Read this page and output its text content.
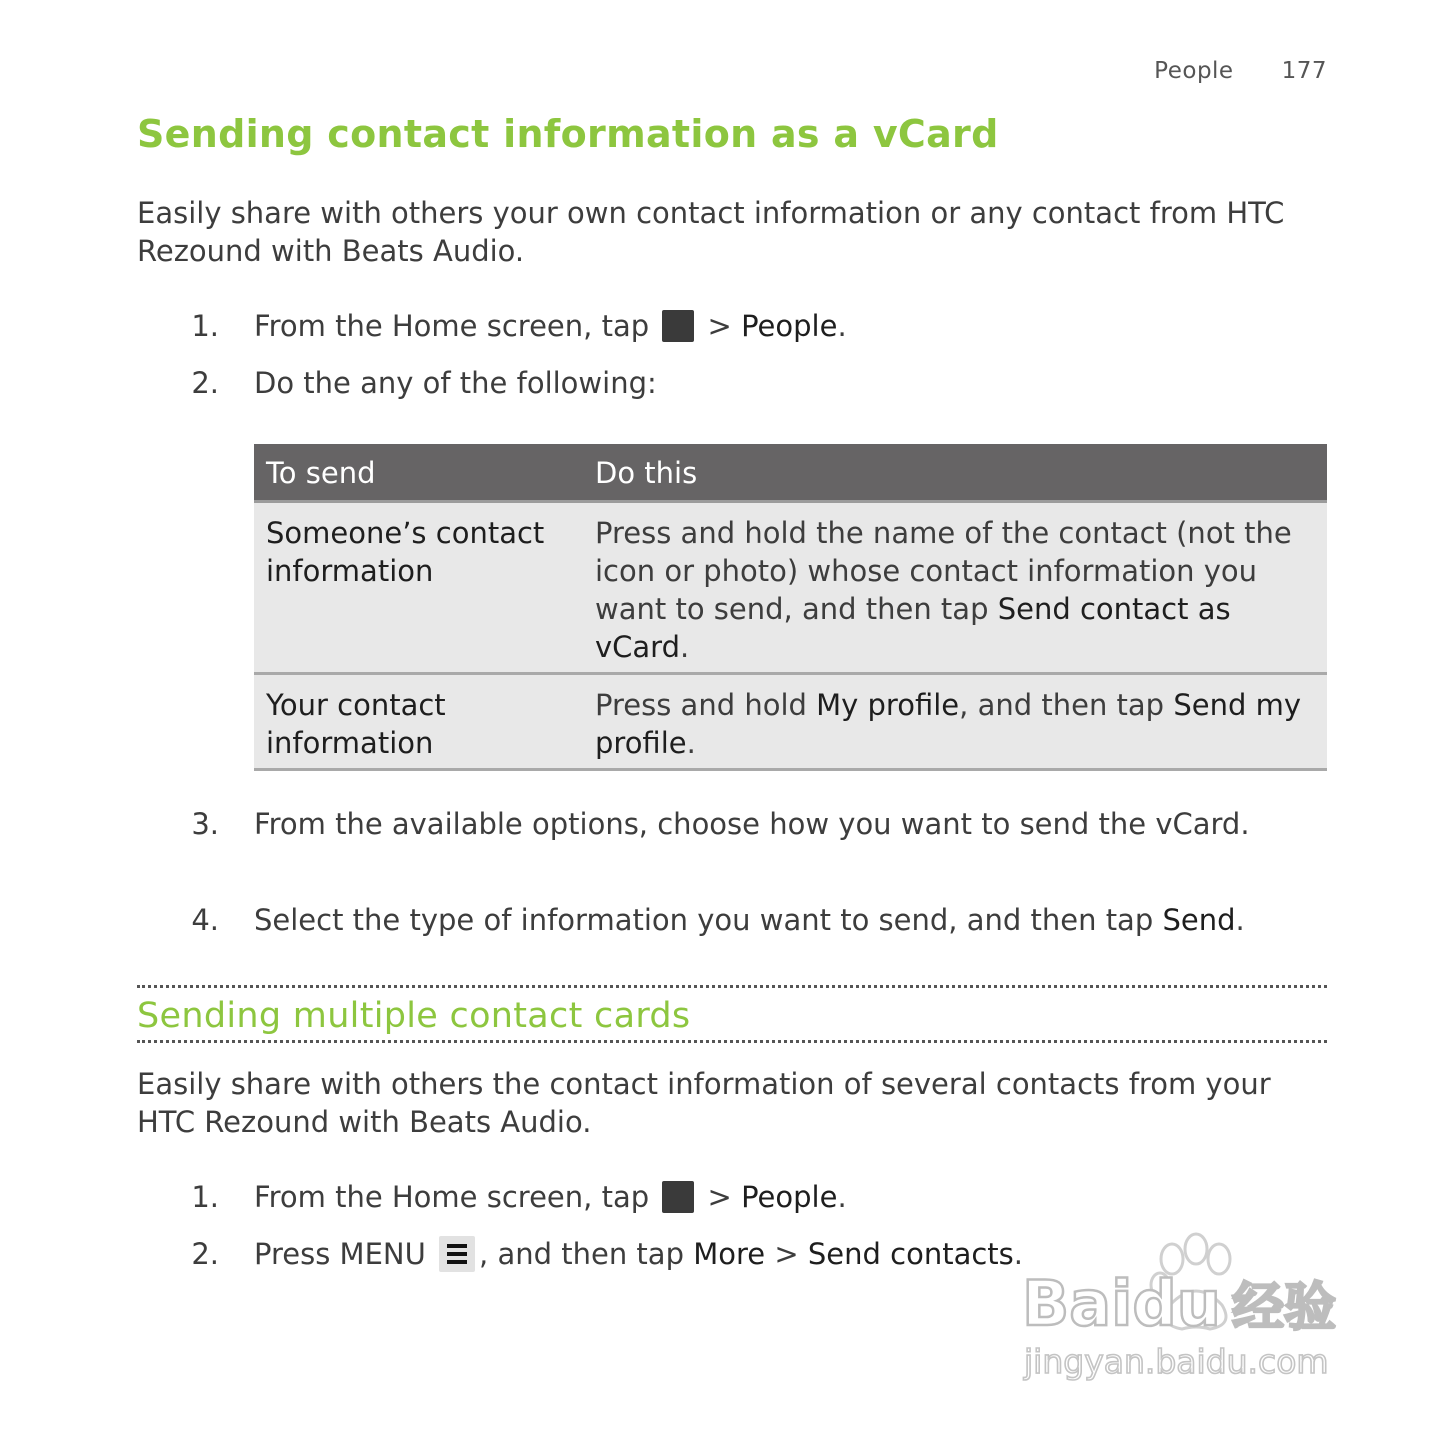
People 177
Sending contact information as a vCard

Easily share with others your own contact information or any contact from HTC Rezound with Beats Audio.

1. From the Home screen, tap  > People.
2. Do the any of the following:
To send	Do this
Someone’s contact information	Press and hold the name of the contact (not the icon or photo) whose contact information you want to send, and then tap Send contact as vCard.
Your contact information	Press and hold My profile, and then tap Send my profile.
3. From the available options, choose how you want to send the vCard.
4. Select the type of information you want to send, and then tap Send.
Sending multiple contact cards

Easily share with others the contact information of several contacts from your HTC Rezound with Beats Audio.

1. From the Home screen, tap  > People.
2. Press MENU , and then tap More > Send contacts.
Baidu 经验
jingyan.baidu.com
